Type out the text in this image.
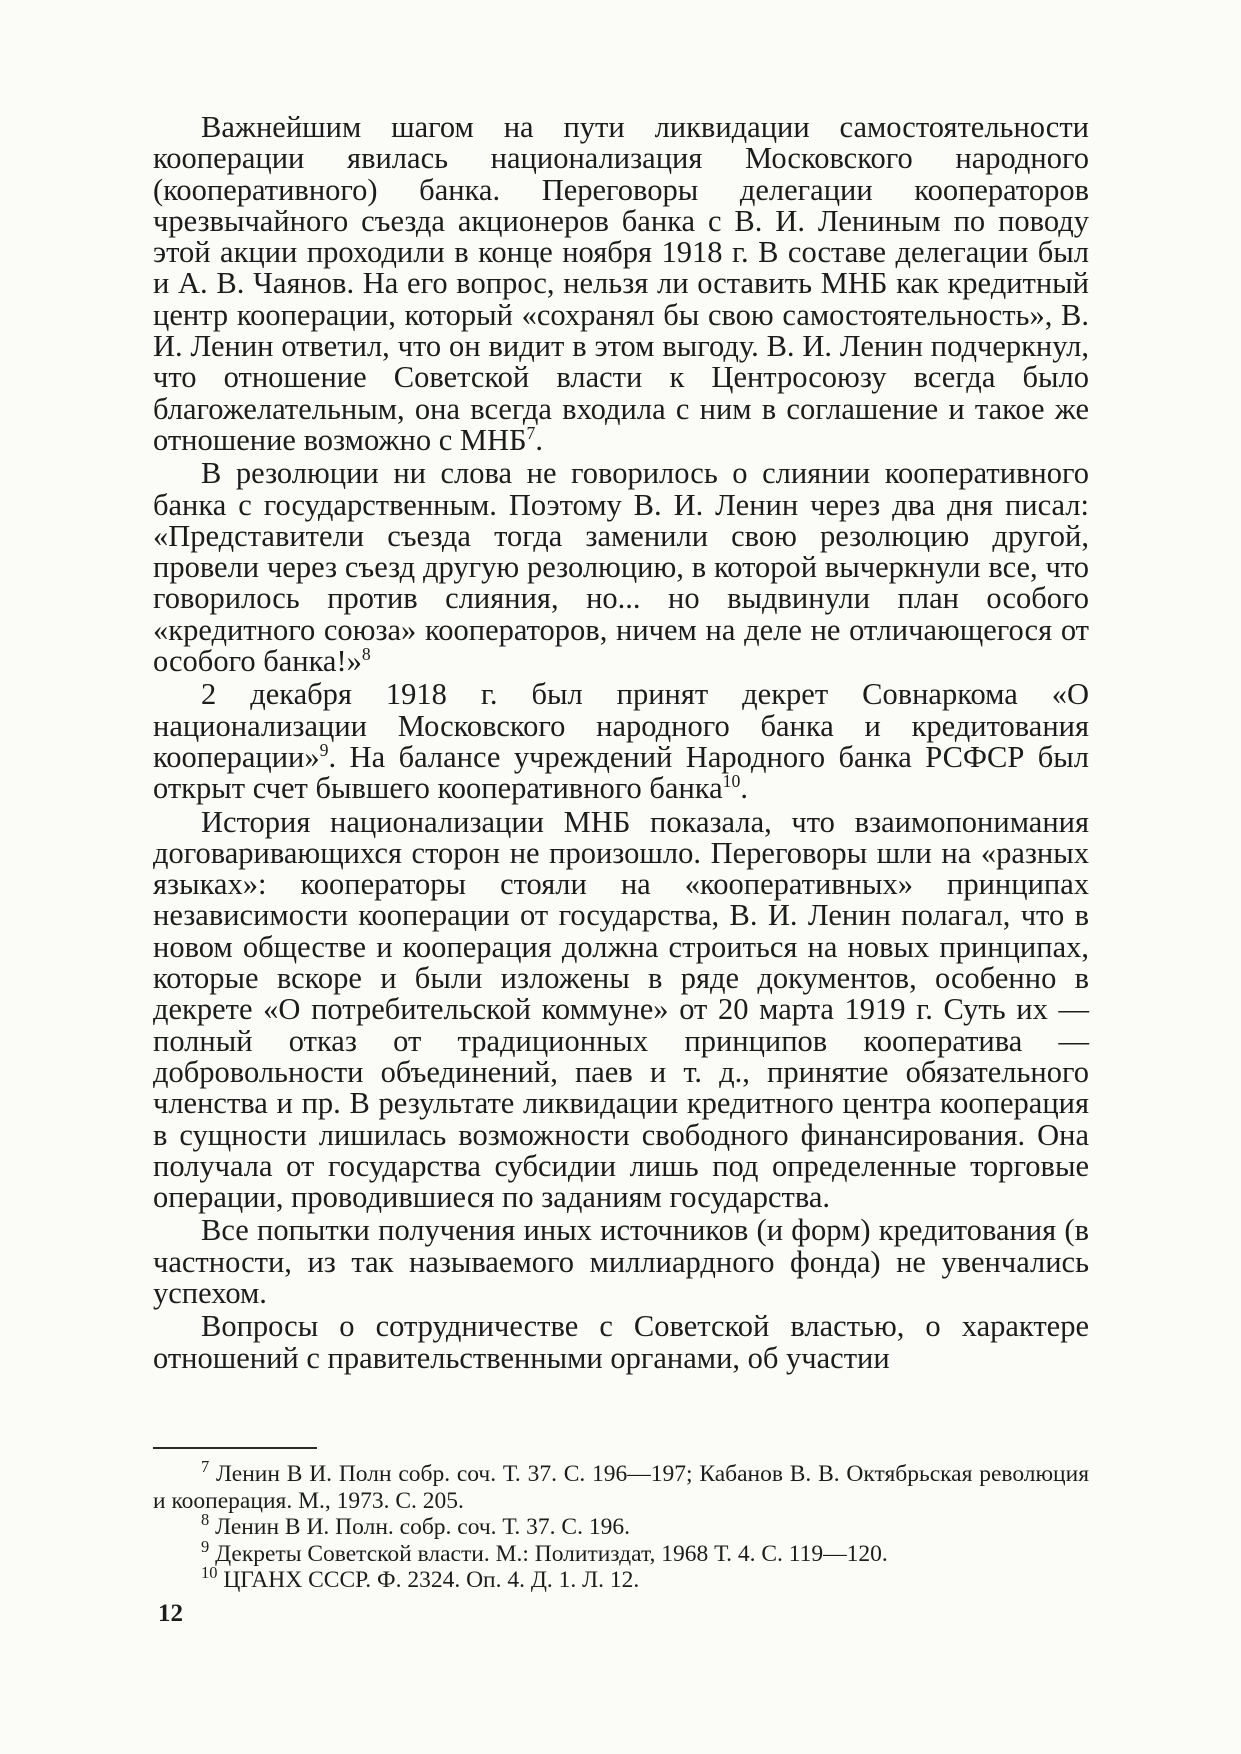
Важнейшим шагом на пути ликвидации самостоятельности кооперации явилась национализация Московского народного (кооперативного) банка. Переговоры делегации кооператоров чрезвычайного съезда акционеров банка с В. И. Лениным по поводу этой акции проходили в конце ноября 1918 г. В составе делегации был и А. В. Чаянов. На его вопрос, нельзя ли оставить МНБ как кредитный центр кооперации, который «сохранял бы свою самостоятельность», В. И. Ленин ответил, что он видит в этом выгоду. В. И. Ленин подчеркнул, что отношение Советской власти к Центросоюзу всегда было благожелательным, она всегда входила с ним в соглашение и такое же отношение возможно с МНБ$^7$.

В резолюции ни слова не говорилось о слиянии кооперативного банка с государственным. Поэтому В. И. Ленин через два дня писал: «Представители съезда тогда заменили свою резолюцию другой, провели через съезд другую резолюцию, в которой вычеркнули все, что говорилось против слияния, но... но выдвинули план особого «кредитного союза» кооператоров, ничем на деле не отличающегося от особого банка!»$^8$

2 декабря 1918 г. был принят декрет Совнаркома «О национализации Московского народного банка и кредитования кооперации»$^9$. На балансе учреждений Народного банка РСФСР был открыт счет бывшего кооперативного банка$^{10}$.

История национализации МНБ показала, что взаимопонимания договаривающихся сторон не произошло. Переговоры шли на «разных языках»: кооператоры стояли на «кооперативных» принципах независимости кооперации от государства, В. И. Ленин полагал, что в новом обществе и кооперация должна строиться на новых принципах, которые вскоре и были изложены в ряде документов, особенно в декрете «О потребительской коммуне» от 20 марта 1919 г. Суть их — полный отказ от традиционных принципов кооператива — добровольности объединений, паев и т. д., принятие обязательного членства и пр. В результате ликвидации кредитного центра кооперация в сущности лишилась возможности свободного финансирования. Она получала от государства субсидии лишь под определенные торговые операции, проводившиеся по заданиям государства.

Все попытки получения иных источников (и форм) кредитования (в частности, из так называемого миллиардного фонда) не увенчались успехом.

Вопросы о сотрудничестве с Советской властью, о характере отношений с правительственными органами, об участии

$^7$ Ленин В И. Полн собр. соч. Т. 37. С. 196—197; Кабанов В. В. Октябрьская революция и кооперация. М., 1973. С. 205.

$^8$ Ленин В И. Полн. собр. соч. Т. 37. С. 196.

$^9$ Декреты Советской власти. М.: Политиздат, 1968 Т. 4. С. 119—120.

$^{10}$ ЦГАНХ СССР. Ф. 2324. Оп. 4. Д. 1. Л. 12.

12
